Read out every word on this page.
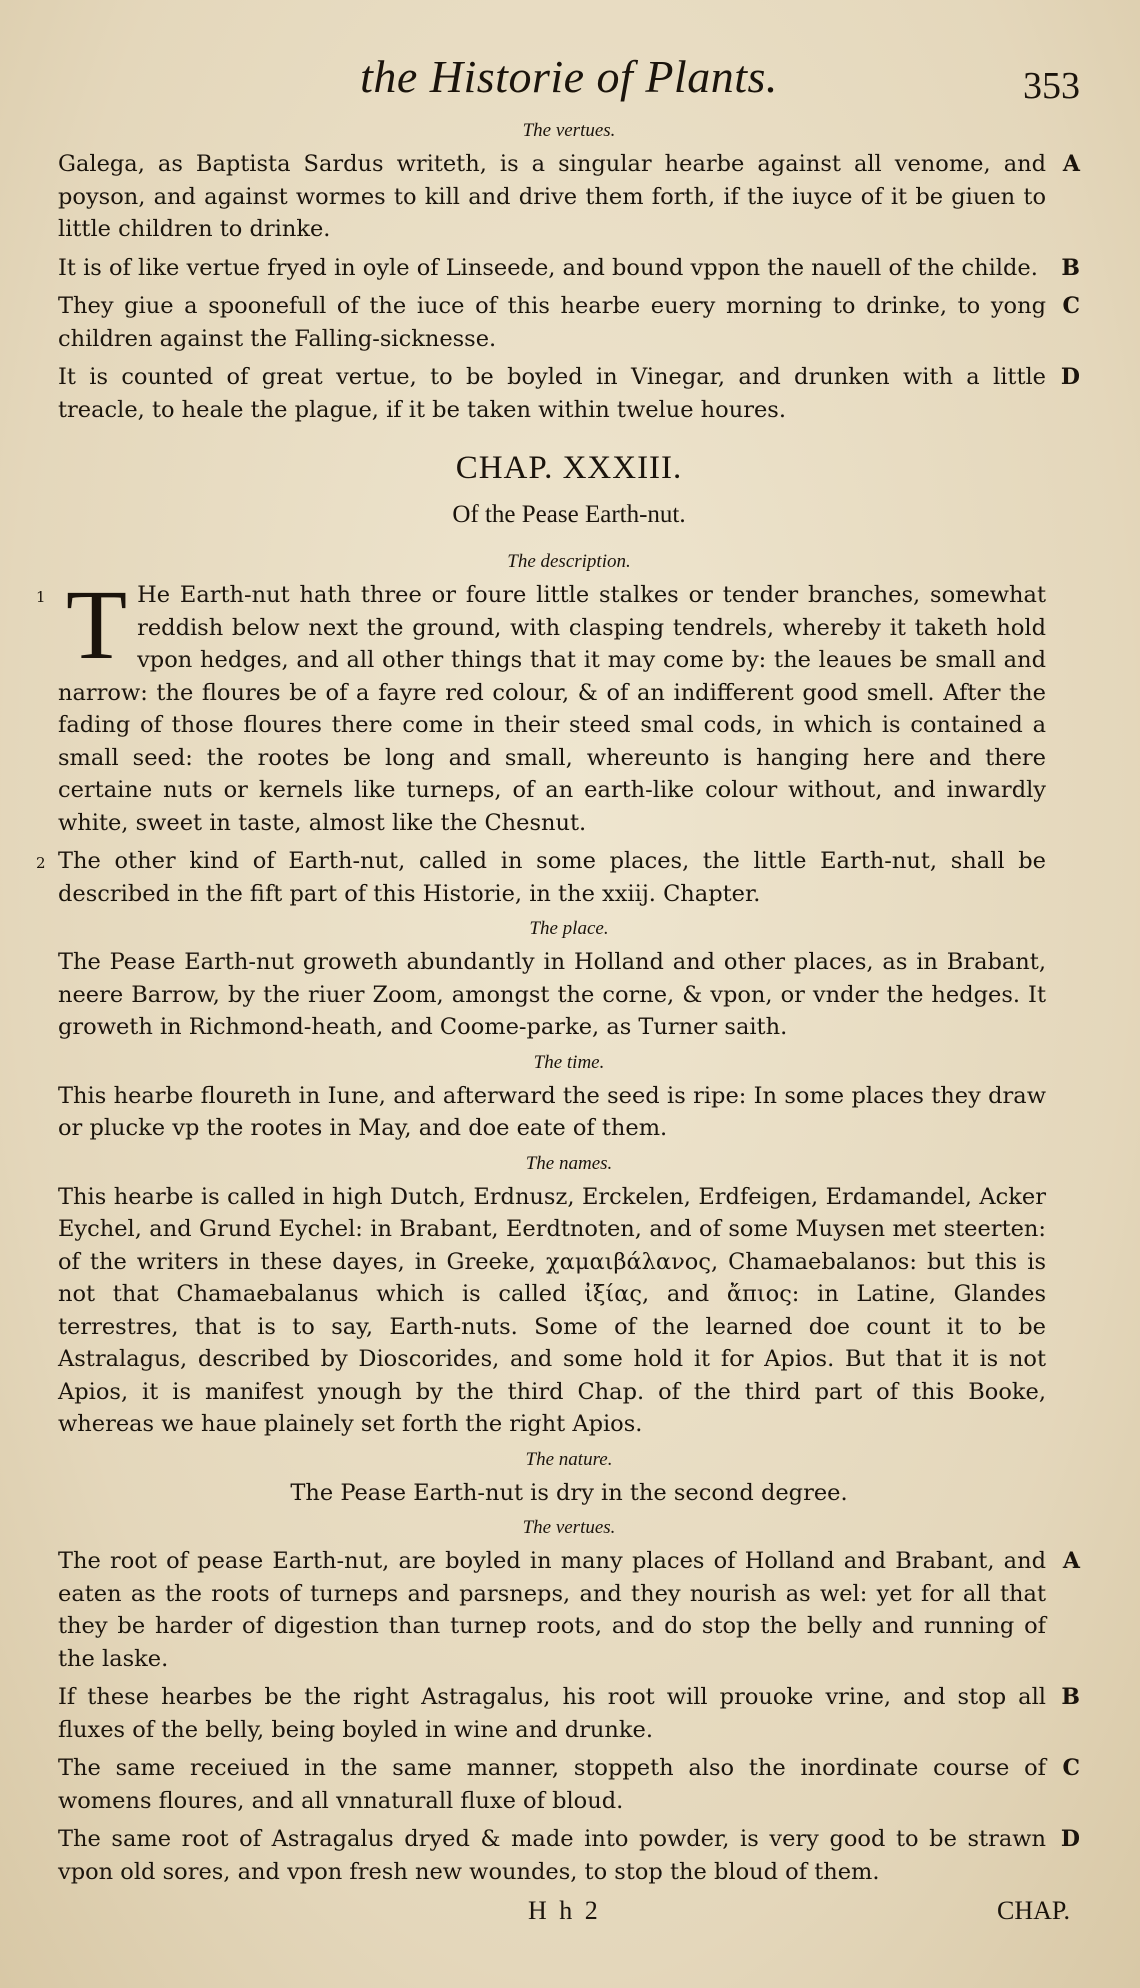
the Historie of Plants.	353
The vertues.

Galega, as Baptista Sardus writeth, is a singular hearbe against all venome, and poyson, and against wormes to kill and drive them forth, if the iuyce of it be giuen to little children to drinke.
A

It is of like vertue fryed in oyle of Linseede, and bound vppon the nauell of the childe. B

They giue a spoonefull of the iuce of this hearbe euery morning to drinke, to yong children against the Falling-sicknesse.
C

It is counted of great vertue, to be boyled in Vinegar, and drunken with a little treacle, to heale the plague, if it be taken within twelue houres.
D

CHAP. XXXIII.
Of the Pease Earth-nut.
The description.

1 T He Earth-nut hath three or foure little stalkes or tender branches, somewhat reddish below next the ground, with clasping tendrels, whereby it taketh hold vpon hedges, and all other things that it may come by: the leaues be small and narrow: the floures be of a fayre red colour, & of an indifferent good smell. After the fading of those floures there come in their steed smal cods, in which is contained a small seed: the rootes be long and small, whereunto is hanging here and there certaine nuts or kernels like turneps, of an earth-like colour without, and inwardly white, sweet in taste, almost like the Chesnut.

2 The other kind of Earth-nut, called in some places, the little Earth-nut, shall be described in the fift part of this Historie, in the xxiij. Chapter.

The place.

The Pease Earth-nut groweth abundantly in Holland and other places, as in Brabant, neere Barrow, by the riuer Zoom, amongst the corne, & vpon, or vnder the hedges. It groweth in Richmond-heath, and Coome-parke, as Turner saith.

The time.

This hearbe floureth in Iune, and afterward the seed is ripe: In some places they draw or plucke vp the rootes in May, and doe eate of them.

The names.

This hearbe is called in high Dutch, Erdnusz, Erckelen, Erdfeigen, Erdamandel, Acker Eychel, and Grund Eychel: in Brabant, Eerdtnoten, and of some Muysen met steerten: of the writers in these dayes, in Greeke, χαμαιβάλανος, Chamaebalanos: but this is not that Chamaebalanus which is called ἰξίας, and ἄπιος: in Latine, Glandes terrestres, that is to say, Earth-nuts. Some of the learned doe count it to be Astralagus, described by Dioscorides, and some hold it for Apios. But that it is not Apios, it is manifest ynough by the third Chap. of the third part of this Booke, whereas we haue plainely set forth the right Apios.

The nature.

The Pease Earth-nut is dry in the second degree.

The vertues.

The root of pease Earth-nut, are boyled in many places of Holland and Brabant, and eaten as the roots of turneps and parsneps, and they nourish as wel: yet for all that they be harder of digestion than turnep roots, and do stop the belly and running of the laske.
A

If these hearbes be the right Astragalus, his root will prouoke vrine, and stop all fluxes of the belly, being boyled in wine and drunke.
B

The same receiued in the same manner, stoppeth also the inordinate course of womens floures, and all vnnaturall fluxe of bloud.
C

The same root of Astragalus dryed & made into powder, is very good to be strawn vpon old sores, and vpon fresh new woundes, to stop the bloud of them.
D

H h 2	CHAP.
